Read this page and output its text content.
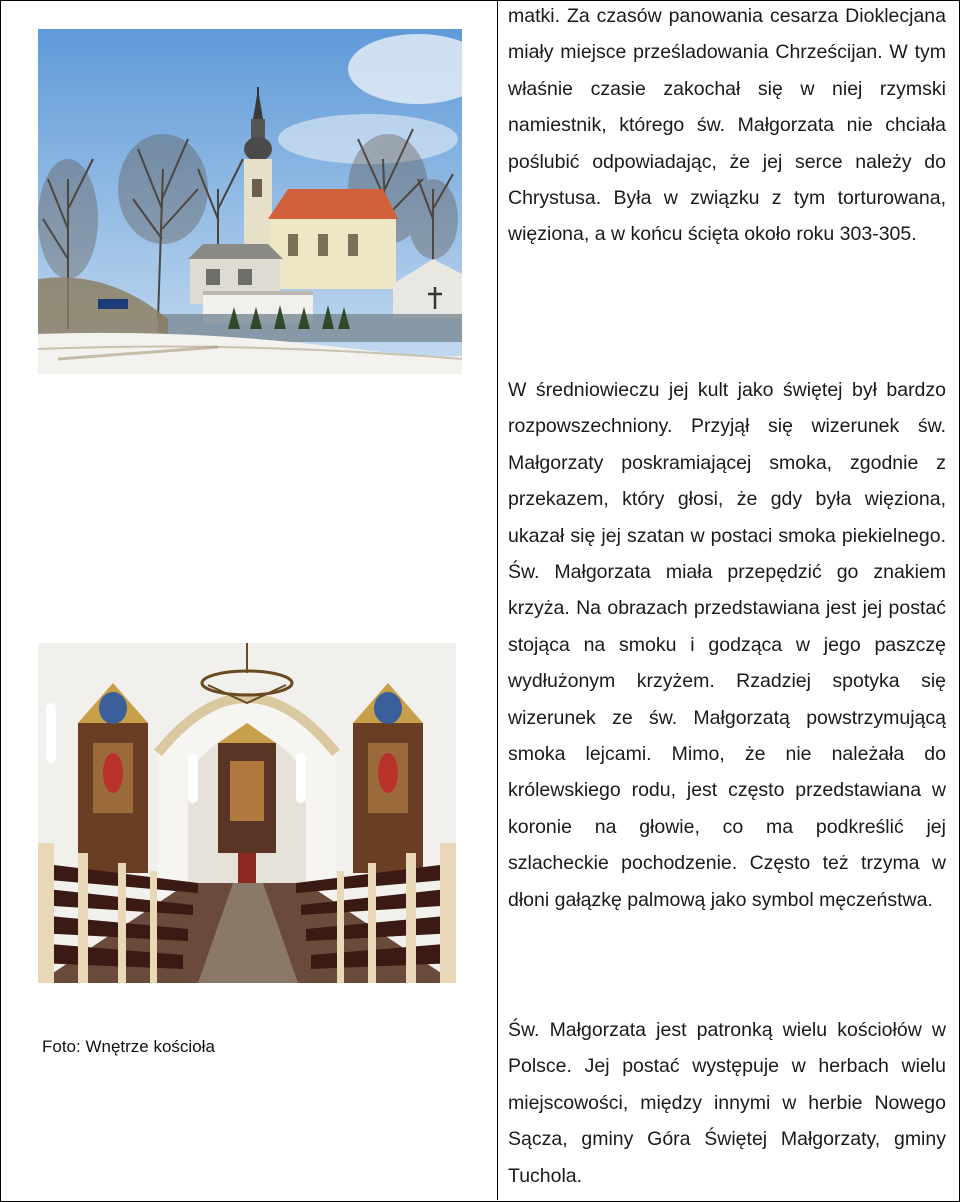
Foto: Wnętrze kościoła

matki. Za czasów panowania cesarza Dioklecjana miały miejsce prześladowania Chrześcijan. W tym właśnie czasie zakochał się w niej rzymski namiestnik, którego św. Małgorzata nie chciała poślubić odpowiadając, że jej serce należy do Chrystusa. Była w związku z tym torturowana, więziona, a w końcu ścięta około roku 303-305.

W średniowieczu jej kult jako świętej był bardzo rozpowszechniony. Przyjął się wizerunek św. Małgorzaty poskramiającej smoka, zgodnie z przekazem, który głosi, że gdy była więziona, ukazał się jej szatan w postaci smoka piekielnego. Św. Małgorzata miała przepędzić go znakiem krzyża. Na obrazach przedstawiana jest jej postać stojąca na smoku i godząca w jego paszczę wydłużonym krzyżem. Rzadziej spotyka się wizerunek ze św. Małgorzatą powstrzymującą smoka lejcami. Mimo, że nie należała do królewskiego rodu, jest często przedstawiana w koronie na głowie, co ma podkreślić jej szlacheckie pochodzenie. Często też trzyma w dłoni gałązkę palmową jako symbol męczeństwa.

Św. Małgorzata jest patronką wielu kościołów w Polsce. Jej postać występuje w herbach wielu miejscowości, między innymi w herbie Nowego Sącza, gminy Góra Świętej Małgorzaty, gminy Tuchola.
